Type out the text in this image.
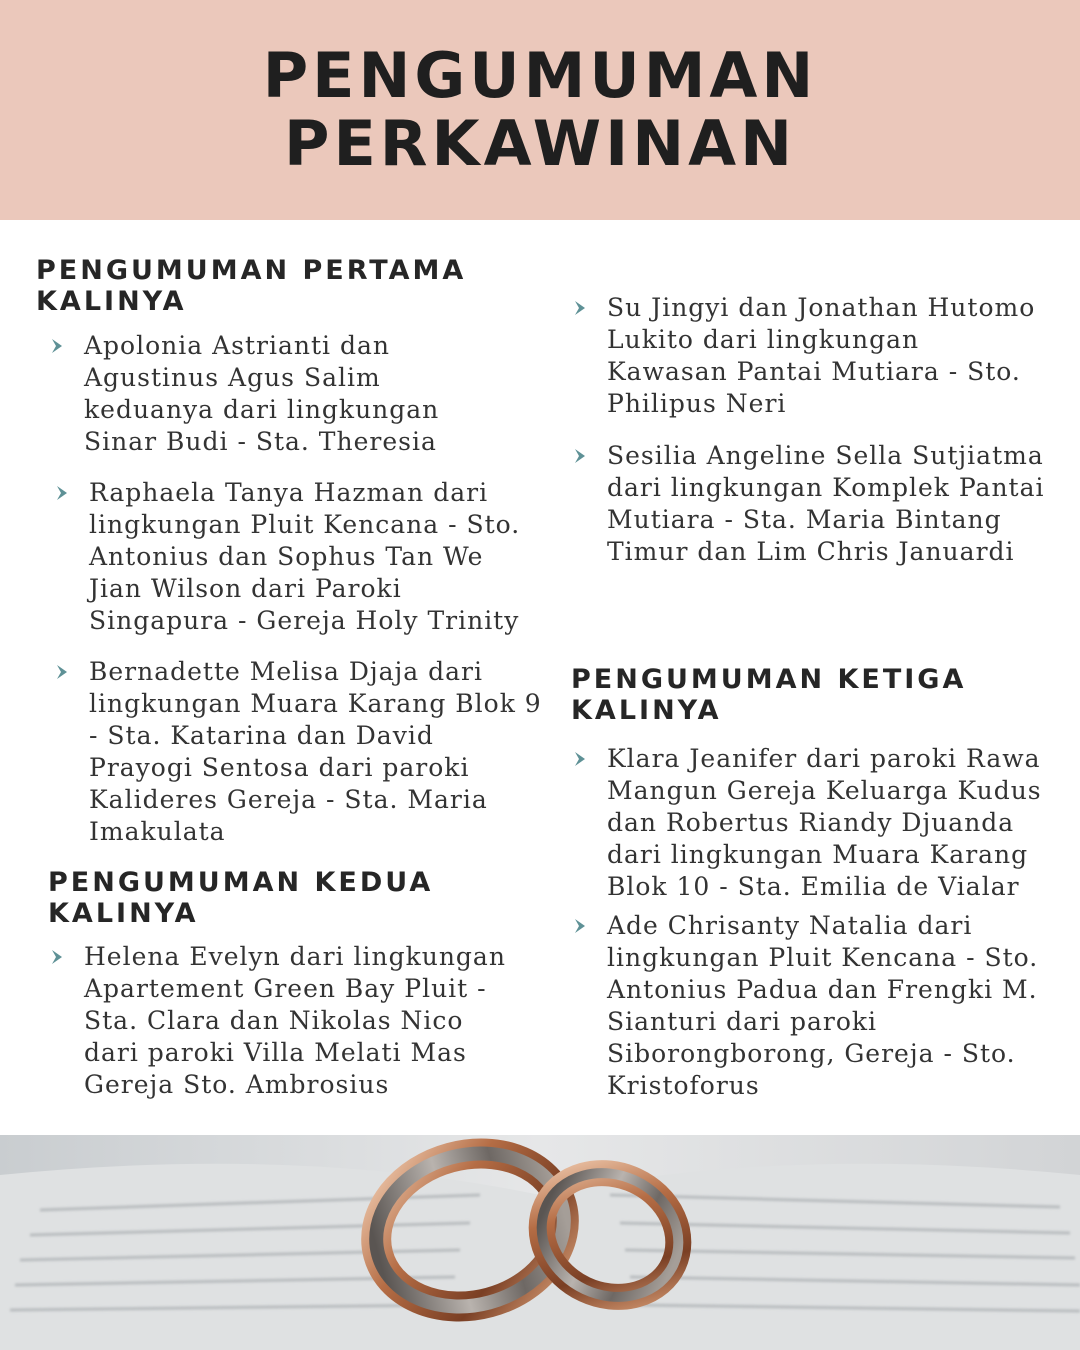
PENGUMUMAN
PERKAWINAN
PENGUMUMAN PERTAMA
KALINYA
Apolonia Astrianti dan
Agustinus Agus Salim
keduanya dari lingkungan
Sinar Budi - Sta. Theresia
Raphaela Tanya Hazman dari
lingkungan Pluit Kencana - Sto.
Antonius dan Sophus Tan We
Jian Wilson dari Paroki
Singapura - Gereja Holy Trinity
Bernadette Melisa Djaja dari
lingkungan Muara Karang Blok 9
- Sta. Katarina dan David
Prayogi Sentosa dari paroki
Kalideres Gereja - Sta. Maria
Imakulata
PENGUMUMAN KEDUA
KALINYA
Helena Evelyn dari lingkungan
Apartement Green Bay Pluit -
Sta. Clara dan Nikolas Nico
dari paroki Villa Melati Mas
Gereja Sto. Ambrosius
Su Jingyi dan Jonathan Hutomo
Lukito dari lingkungan
Kawasan Pantai Mutiara - Sto.
Philipus Neri
Sesilia Angeline Sella Sutjiatma
dari lingkungan Komplek Pantai
Mutiara - Sta. Maria Bintang
Timur dan Lim Chris Januardi
PENGUMUMAN KETIGA
KALINYA
Klara Jeanifer dari paroki Rawa
Mangun Gereja Keluarga Kudus
dan Robertus Riandy Djuanda
dari lingkungan Muara Karang
Blok 10 - Sta. Emilia de Vialar
Ade Chrisanty Natalia dari
lingkungan Pluit Kencana - Sto.
Antonius Padua dan Frengki M.
Sianturi dari paroki
Siborongborong, Gereja - Sto.
Kristoforus
